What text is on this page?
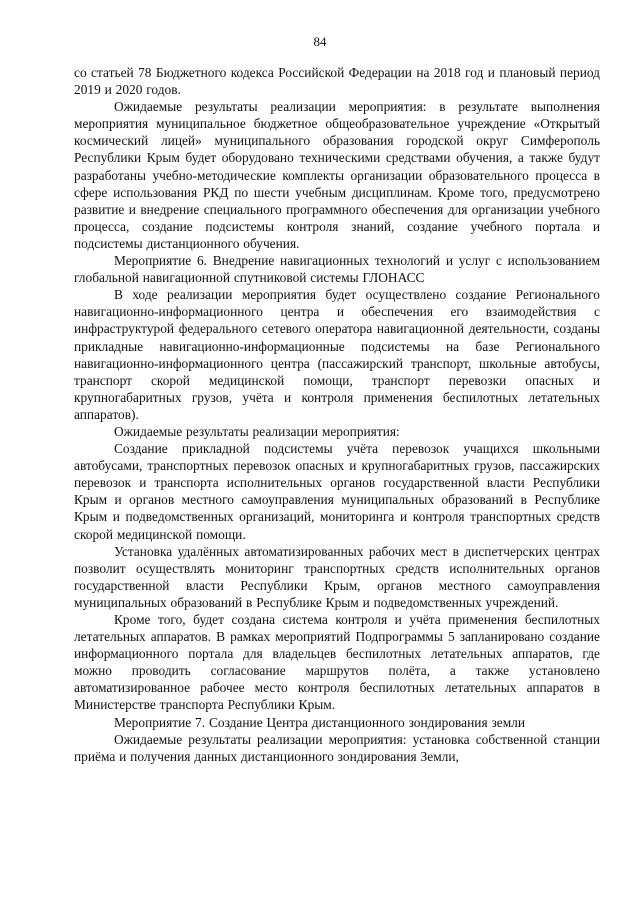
84

со статьей 78 Бюджетного кодекса Российской Федерации на 2018 год и плановый период 2019 и 2020 годов.

Ожидаемые результаты реализации мероприятия: в результате выполнения мероприятия муниципальное бюджетное общеобразовательное учреждение «Открытый космический лицей» муниципального образования городской округ Симферополь Республики Крым будет оборудовано техническими средствами обучения, а также будут разработаны учебно-методические комплекты организации образовательного процесса в сфере использования РКД по шести учебным дисциплинам. Кроме того, предусмотрено развитие и внедрение специального программного обеспечения для организации учебного процесса, создание подсистемы контроля знаний, создание учебного портала и подсистемы дистанционного обучения.

Мероприятие 6. Внедрение навигационных технологий и услуг с использованием глобальной навигационной спутниковой системы ГЛОНАСС

В ходе реализации мероприятия будет осуществлено создание Регионального навигационно-информационного центра и обеспечения его взаимодействия с инфраструктурой федерального сетевого оператора навигационной деятельности, созданы прикладные навигационно-информационные подсистемы на базе Регионального навигационно-информационного центра (пассажирский транспорт, школьные автобусы, транспорт скорой медицинской помощи, транспорт перевозки опасных и крупногабаритных грузов, учёта и контроля применения беспилотных летательных аппаратов).

Ожидаемые результаты реализации мероприятия:

Создание прикладной подсистемы учёта перевозок учащихся школьными автобусами, транспортных перевозок опасных и крупногабаритных грузов, пассажирских перевозок и транспорта исполнительных органов государственной власти Республики Крым и органов местного самоуправления муниципальных образований в Республике Крым и подведомственных организаций, мониторинга и контроля транспортных средств скорой медицинской помощи.

Установка удалённых автоматизированных рабочих мест в диспетчерских центрах позволит осуществлять мониторинг транспортных средств исполнительных органов государственной власти Республики Крым, органов местного самоуправления муниципальных образований в Республике Крым и подведомственных учреждений.

Кроме того, будет создана система контроля и учёта применения беспилотных летательных аппаратов. В рамках мероприятий Подпрограммы 5 запланировано создание информационного портала для владельцев беспилотных летательных аппаратов, где можно проводить согласование маршрутов полёта, а также установлено автоматизированное рабочее место контроля беспилотных летательных аппаратов в Министерстве транспорта Республики Крым.

Мероприятие 7. Создание Центра дистанционного зондирования земли

Ожидаемые результаты реализации мероприятия: установка собственной станции приёма и получения данных дистанционного зондирования Земли,
